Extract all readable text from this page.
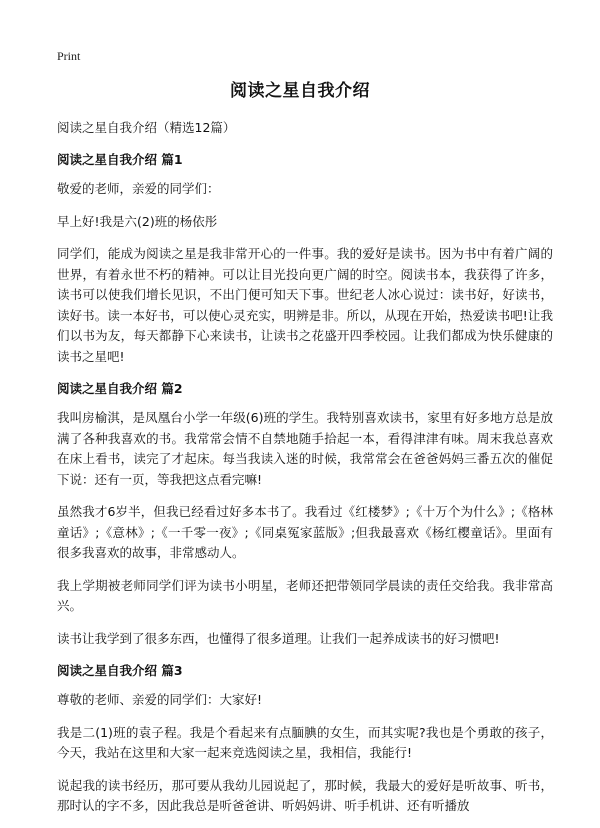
Print
阅读之星自我介绍

阅读之星自我介绍（精选12篇）

阅读之星自我介绍 篇1

敬爱的老师，亲爱的同学们：

早上好!我是六(2)班的杨依彤

同学们，能成为阅读之星是我非常开心的一件事。我的爱好是读书。因为书中有着广阔的世界，有着永世不朽的精神。可以让目光投向更广阔的时空。阅读书本，我获得了许多，读书可以使我们增长见识，不出门便可知天下事。世纪老人冰心说过：读书好，好读书，读好书。读一本好书，可以使心灵充实，明辨是非。所以，从现在开始，热爱读书吧!让我们以书为友，每天都静下心来读书，让读书之花盛开四季校园。让我们都成为快乐健康的读书之星吧!

阅读之星自我介绍 篇2

我叫房榆淇，是凤凰台小学一年级(6)班的学生。我特别喜欢读书，家里有好多地方总是放满了各种我喜欢的书。我常常会情不自禁地随手拾起一本，看得津津有味。周末我总喜欢在床上看书，读完了才起床。每当我读入迷的时候，我常常会在爸爸妈妈三番五次的催促下说：还有一页，等我把这点看完嘛!

虽然我才6岁半，但我已经看过好多本书了。我看过《红楼梦》;《十万个为什么》;《格林童话》;《意林》;《一千零一夜》;《同桌冤家蓝版》;但我最喜欢《杨红樱童话》。里面有很多我喜欢的故事，非常感动人。

我上学期被老师同学们评为读书小明星，老师还把带领同学晨读的责任交给我。我非常高兴。

读书让我学到了很多东西，也懂得了很多道理。让我们一起养成读书的好习惯吧!

阅读之星自我介绍 篇3

尊敬的老师、亲爱的同学们：大家好!

我是二(1)班的袁子程。我是个看起来有点腼腆的女生，而其实呢?我也是个勇敢的孩子，今天，我站在这里和大家一起来竞选阅读之星，我相信，我能行!

说起我的读书经历，那可要从我幼儿园说起了，那时候，我最大的爱好是听故事、听书，那时认的字不多，因此我总是听爸爸讲、听妈妈讲、听手机讲、还有听播放
